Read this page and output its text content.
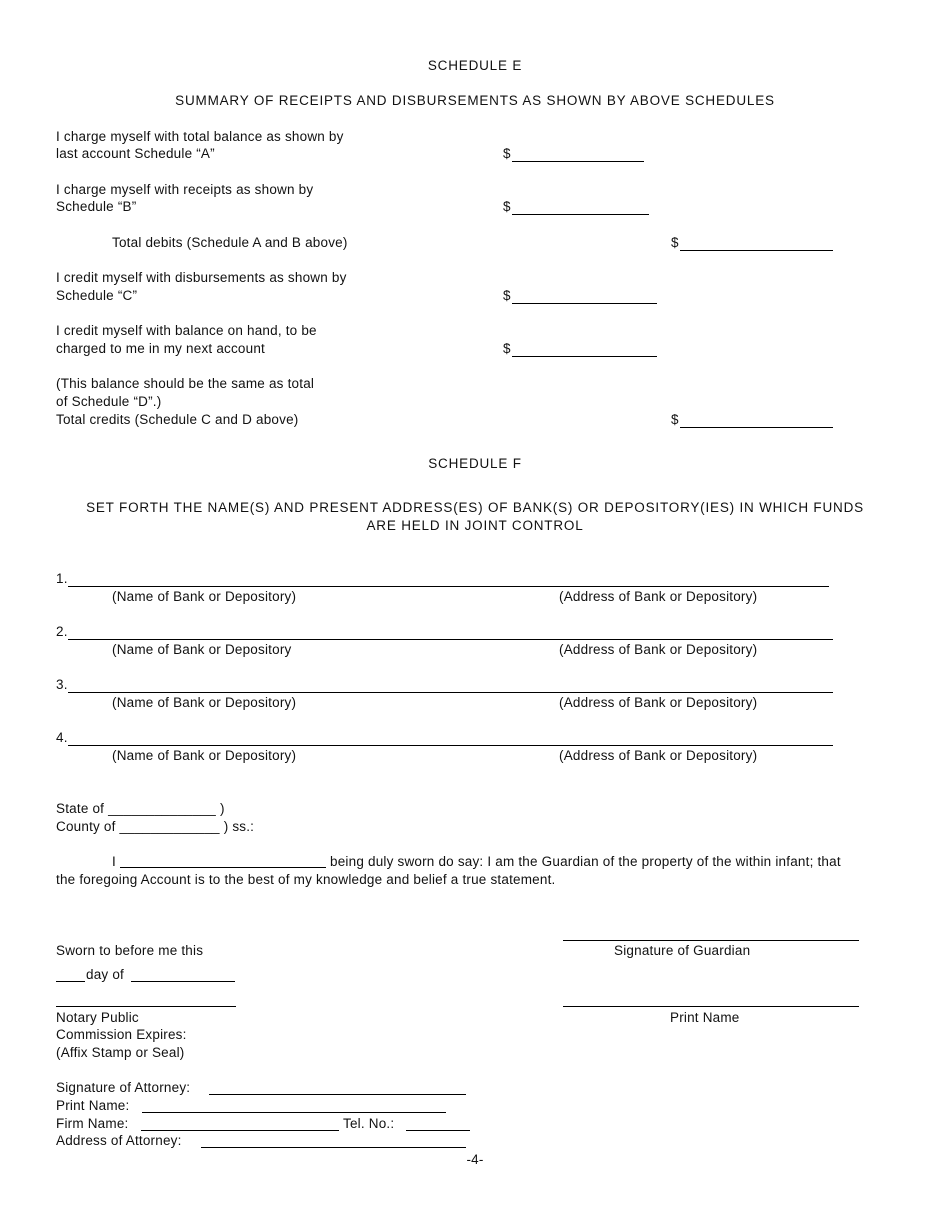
SCHEDULE E
SUMMARY OF RECEIPTS AND DISBURSEMENTS AS SHOWN BY ABOVE SCHEDULES
I charge myself with total balance as shown by
last account Schedule “A”	$
I charge myself with receipts as shown by
Schedule “B”	$
Total debits (Schedule A and B above)	$
I credit myself with disbursements as shown by
Schedule “C”	$
I credit myself with balance on hand, to be
charged to me in my next account	$
(This balance should be the same as total
of Schedule “D”.)
Total credits (Schedule C and D above)	$
SCHEDULE F
SET FORTH THE NAME(S) AND PRESENT ADDRESS(ES) OF BANK(S) OR DEPOSITORY(IES) IN WHICH FUNDS
ARE HELD IN JOINT CONTROL
1.
(Name of Bank or Depository)	(Address of Bank or Depository)
2.
(Name of Bank or Depository	(Address of Bank or Depository)
3.
(Name of Bank or Depository)	(Address of Bank or Depository)
4.
(Name of Bank or Depository)	(Address of Bank or Depository)
State of ______________ )
County of _____________ ) ss.:
I	being duly sworn do say: I am the Guardian of the property of the within infant; that
the foregoing Account is to the best of my knowledge and belief a true statement.
Sworn to before me this	Signature of Guardian
day of
Notary Public	Print Name
Commission Expires:
(Affix Stamp or Seal)
Signature of Attorney:
Print Name:
Firm Name:	Tel. No.:
Address of Attorney:
-4-
